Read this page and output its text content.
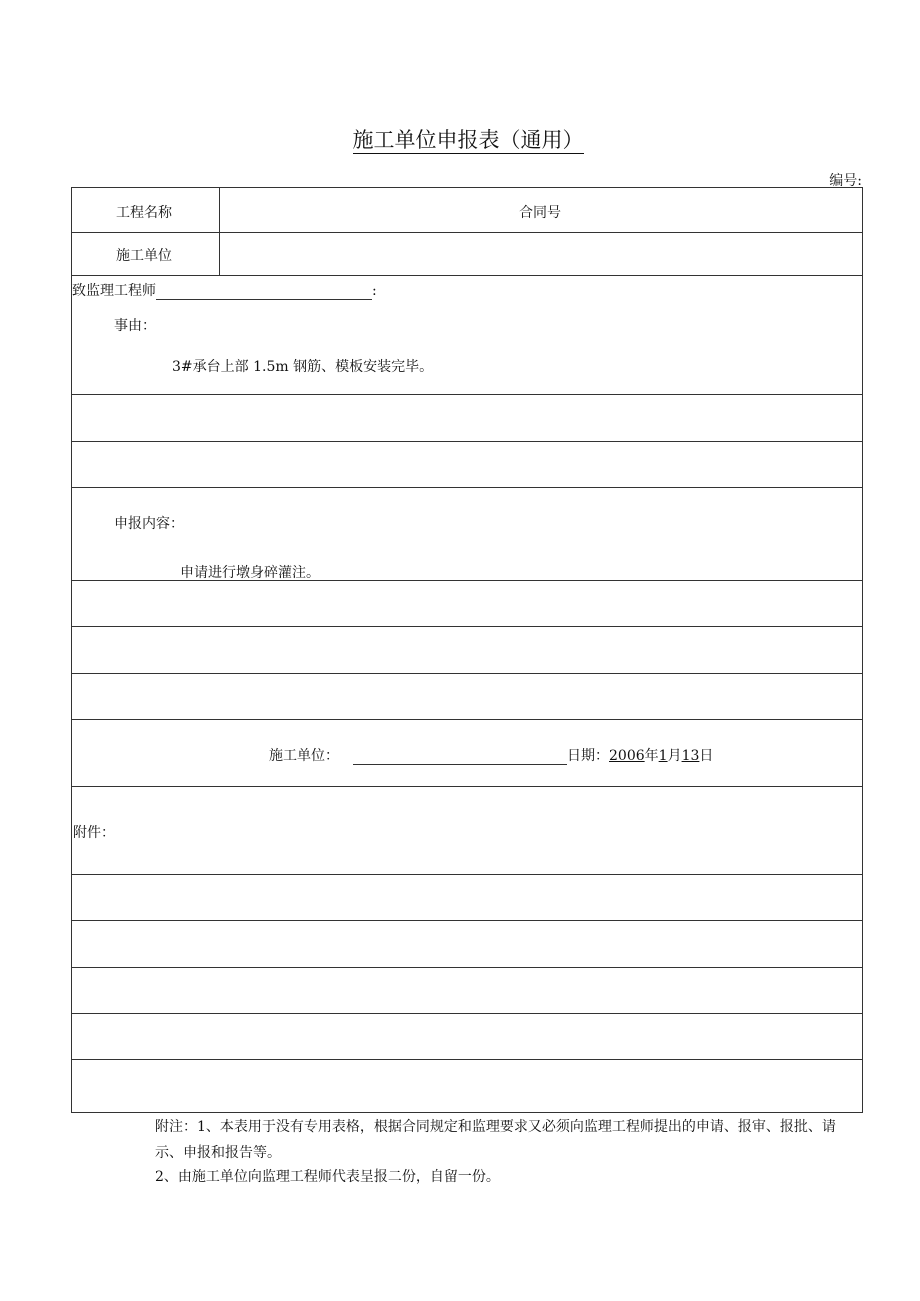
施工单位申报表（通用）
编号:
工程名称	合同号
施工单位
致监理工程师	:
事由：
3#承台上部 1.5m 钢筋、模板安装完毕。
申报内容：
申请进行墩身碎灌注。
施工单位：	日期：2006年1月13日
附件：
附注：1、本表用于没有专用表格，根据合同规定和监理要求又必须向监理工程师提出的申请、报审、报批、请示、申报和报告等。
2、由施工单位向监理工程师代表呈报二份，自留一份。
